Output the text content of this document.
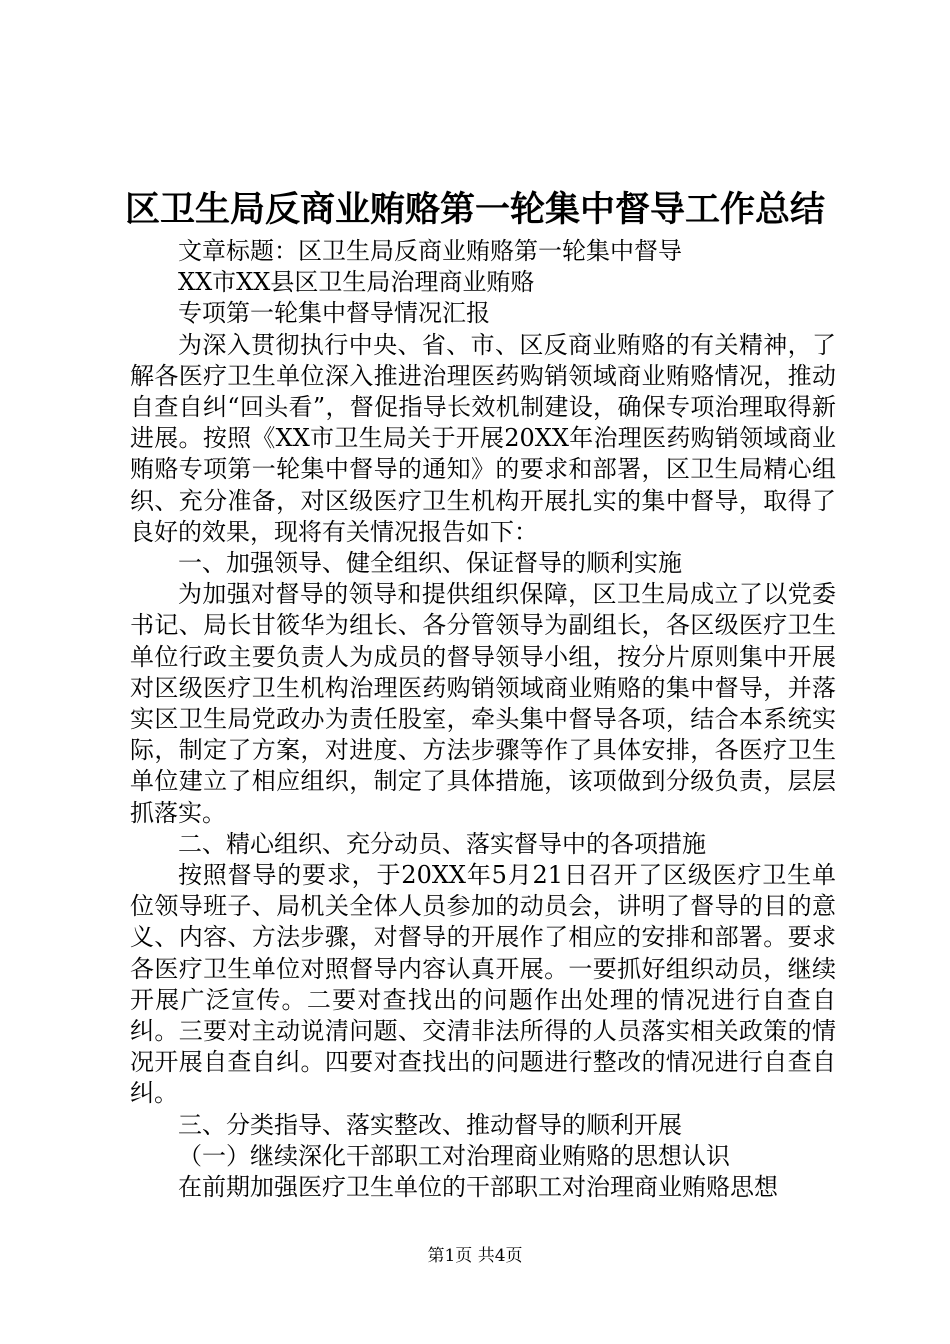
区卫生局反商业贿赂第一轮集中督导工作总结

文章标题：区卫生局反商业贿赂第一轮集中督导

XX市XX县区卫生局治理商业贿赂

专项第一轮集中督导情况汇报

为深入贯彻执行中央、省、市、区反商业贿赂的有关精神，了解各医疗卫生单位深入推进治理医药购销领域商业贿赂情况，推动自查自纠“回头看”，督促指导长效机制建设，确保专项治理取得新进展。按照《XX市卫生局关于开展20XX年治理医药购销领域商业贿赂专项第一轮集中督导的通知》的要求和部署，区卫生局精心组织、充分准备，对区级医疗卫生机构开展扎实的集中督导，取得了良好的效果，现将有关情况报告如下：

一、加强领导、健全组织、保证督导的顺利实施

为加强对督导的领导和提供组织保障，区卫生局成立了以党委书记、局长甘筱华为组长、各分管领导为副组长，各区级医疗卫生单位行政主要负责人为成员的督导领导小组，按分片原则集中开展对区级医疗卫生机构治理医药购销领域商业贿赂的集中督导，并落实区卫生局党政办为责任股室，牵头集中督导各项，结合本系统实际，制定了方案，对进度、方法步骤等作了具体安排，各医疗卫生单位建立了相应组织，制定了具体措施，该项做到分级负责，层层抓落实。

二、精心组织、充分动员、落实督导中的各项措施

按照督导的要求，于20XX年5月21日召开了区级医疗卫生单位领导班子、局机关全体人员参加的动员会，讲明了督导的目的意义、内容、方法步骤，对督导的开展作了相应的安排和部署。要求各医疗卫生单位对照督导内容认真开展。一要抓好组织动员，继续开展广泛宣传。二要对查找出的问题作出处理的情况进行自查自纠。三要对主动说清问题、交清非法所得的人员落实相关政策的情况开展自查自纠。四要对查找出的问题进行整改的情况进行自查自纠。

三、分类指导、落实整改、推动督导的顺利开展

（一）继续深化干部职工对治理商业贿赂的思想认识

在前期加强医疗卫生单位的干部职工对治理商业贿赂思想

第1页 共4页
